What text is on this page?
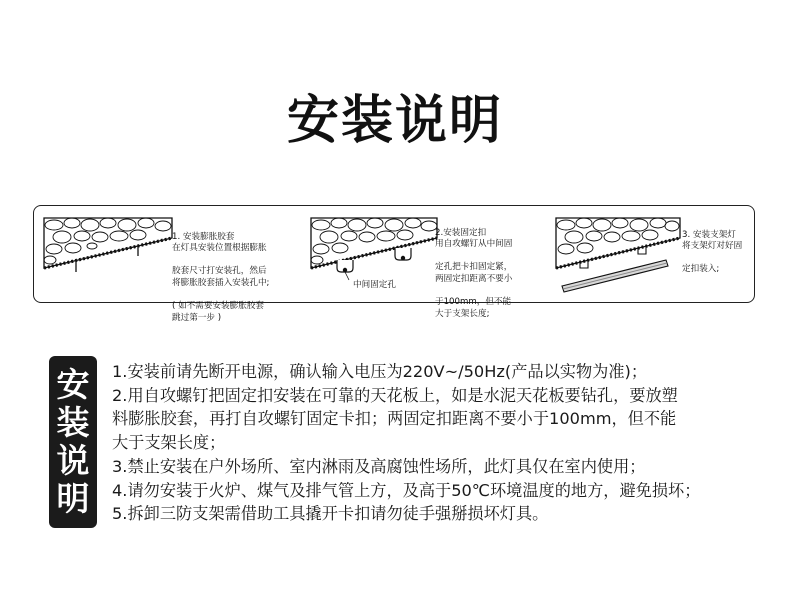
安装说明

1. 安装膨胀胶套
在灯具安装位置根据膨胀

胶套尺寸打安装孔，然后
将膨胀胶套插入安装孔中;

( 如不需要安装膨胀胶套
跳过第一步 )

中间固定孔

2.安装固定扣
用自攻螺钉从中间固

定孔把卡扣固定紧，
两固定扣距离不要小

于100mm，但不能
大于支架长度;

3. 安装支架灯
将支架灯对好固

定扣装入;

安
装
说
明
1.安装前请先断开电源，确认输入电压为220V~/50Hz(产品以实物为准)；
2.用自攻螺钉把固定扣安装在可靠的天花板上，如是水泥天花板要钻孔，要放塑
料膨胀胶套，再打自攻螺钉固定卡扣；两固定扣距离不要小于100mm，但不能
大于支架长度；
3.禁止安装在户外场所、室内淋雨及高腐蚀性场所，此灯具仅在室内使用；
4.请勿安装于火炉、煤气及排气管上方，及高于50℃环境温度的地方，避免损坏；
5.拆卸三防支架需借助工具撬开卡扣请勿徒手强掰损坏灯具。
